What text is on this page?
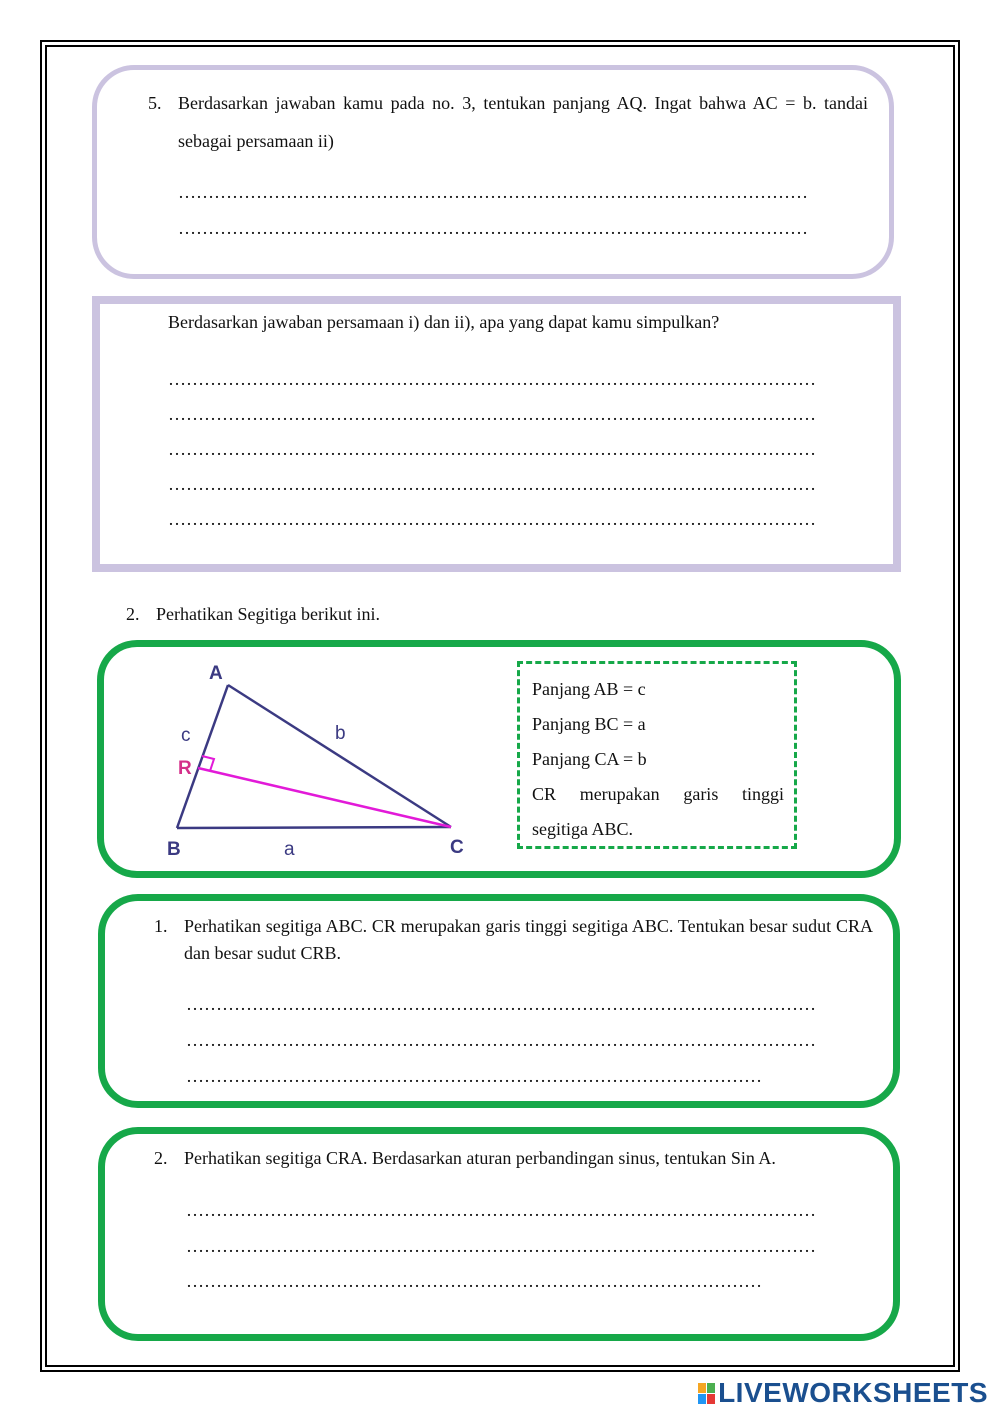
5. Berdasarkan jawaban kamu pada no. 3, tentukan panjang AQ. Ingat bahwa AC = b. tandai sebagai persamaan ii)
……………………………………………………………………………………………
……………………………………………………………………………………………
Berdasarkan jawaban persamaan i) dan ii), apa yang dapat kamu simpulkan?
………………………………………………………………………………………………
………………………………………………………………………………………………
………………………………………………………………………………………………
………………………………………………………………………………………………
………………………………………………………………………………………………
2. Perhatikan Segitiga berikut ini.
A
B	C
R
c	b
a
Panjang AB = c
Panjang BC = a
Panjang CA = b
CR merupakan garis tinggi segitiga ABC.
1. Perhatikan segitiga ABC. CR merupakan garis tinggi segitiga ABC. Tentukan besar sudut CRA dan besar sudut CRB.
……………………………………………………………………………………………
……………………………………………………………………………………………
……………………………………………………………………………………
2. Perhatikan segitiga CRA. Berdasarkan aturan perbandingan sinus, tentukan Sin A.
……………………………………………………………………………………………
……………………………………………………………………………………………
……………………………………………………………………………………
LIVEWORKSHEETS
